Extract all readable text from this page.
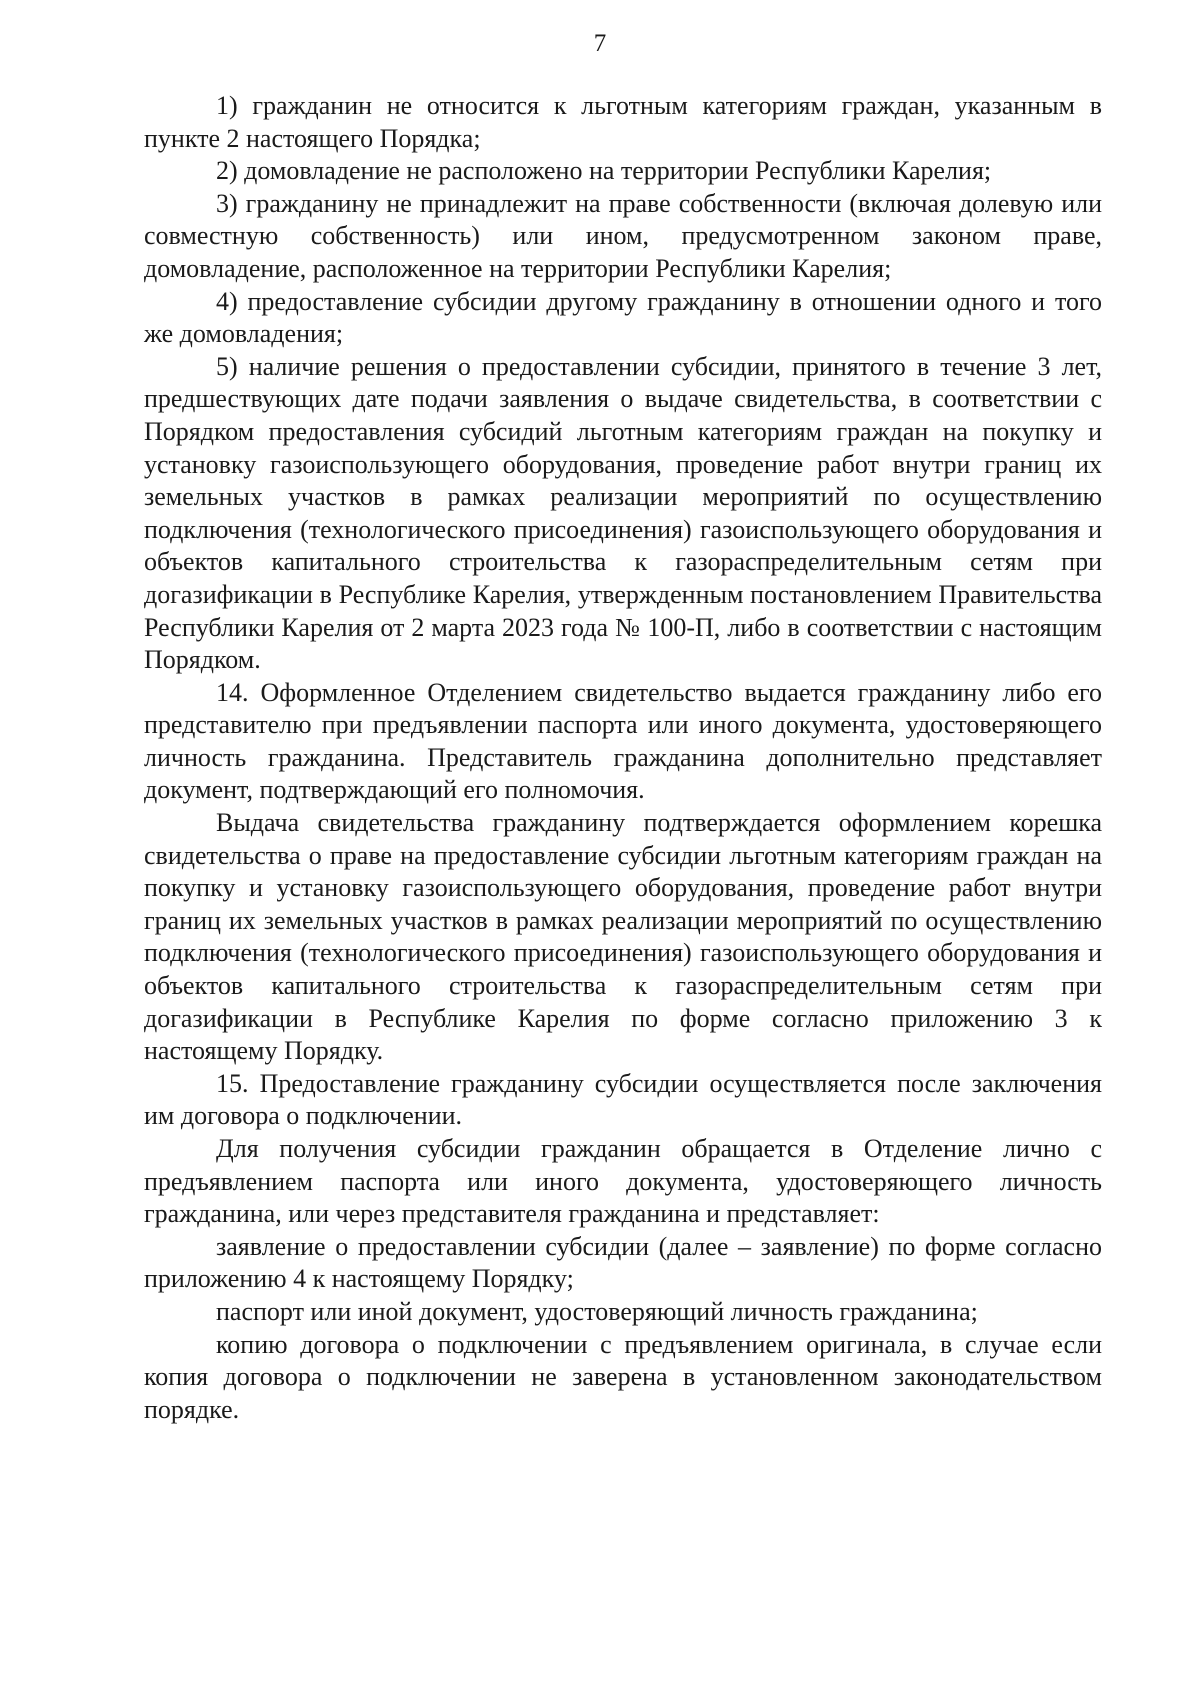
7

1) гражданин не относится к льготным категориям граждан, указанным в пункте 2 настоящего Порядка;

2) домовладение не расположено на территории Республики Карелия;

3) гражданину не принадлежит на праве собственности (включая долевую или совместную собственность) или ином, предусмотренном законом праве, домовладение, расположенное на территории Республики Карелия;

4) предоставление субсидии другому гражданину в отношении одного и того же домовладения;

5) наличие решения о предоставлении субсидии, принятого в течение 3 лет, предшествующих дате подачи заявления о выдаче свидетельства, в соответствии с Порядком предоставления субсидий льготным категориям граждан на покупку и установку газоиспользующего оборудования, проведение работ внутри границ их земельных участков в рамках реализации мероприятий по осуществлению подключения (технологического присоединения) газоиспользующего оборудования и объектов капитального строительства к газораспределительным сетям при догазификации в Республике Карелия, утвержденным постановлением Правительства Республики Карелия от 2 марта 2023 года № 100-П, либо в соответствии с настоящим Порядком.

14. Оформленное Отделением свидетельство выдается гражданину либо его представителю при предъявлении паспорта или иного документа, удостоверяющего личность гражданина. Представитель гражданина дополнительно представляет документ, подтверждающий его полномочия.

Выдача свидетельства гражданину подтверждается оформлением корешка свидетельства о праве на предоставление субсидии льготным категориям граждан на покупку и установку газоиспользующего оборудования, проведение работ внутри границ их земельных участков в рамках реализации мероприятий по осуществлению подключения (технологического присоединения) газоиспользующего оборудования и объектов капитального строительства к газораспределительным сетям при догазификации в Республике Карелия по форме согласно приложению 3 к настоящему Порядку.

15. Предоставление гражданину субсидии осуществляется после заключения им договора о подключении.

Для получения субсидии гражданин обращается в Отделение лично с предъявлением паспорта или иного документа, удостоверяющего личность гражданина, или через представителя гражданина и представляет:

заявление о предоставлении субсидии (далее – заявление) по форме согласно приложению 4 к настоящему Порядку;

паспорт или иной документ, удостоверяющий личность гражданина;

копию договора о подключении с предъявлением оригинала, в случае если копия договора о подключении не заверена в установленном законодательством порядке.
